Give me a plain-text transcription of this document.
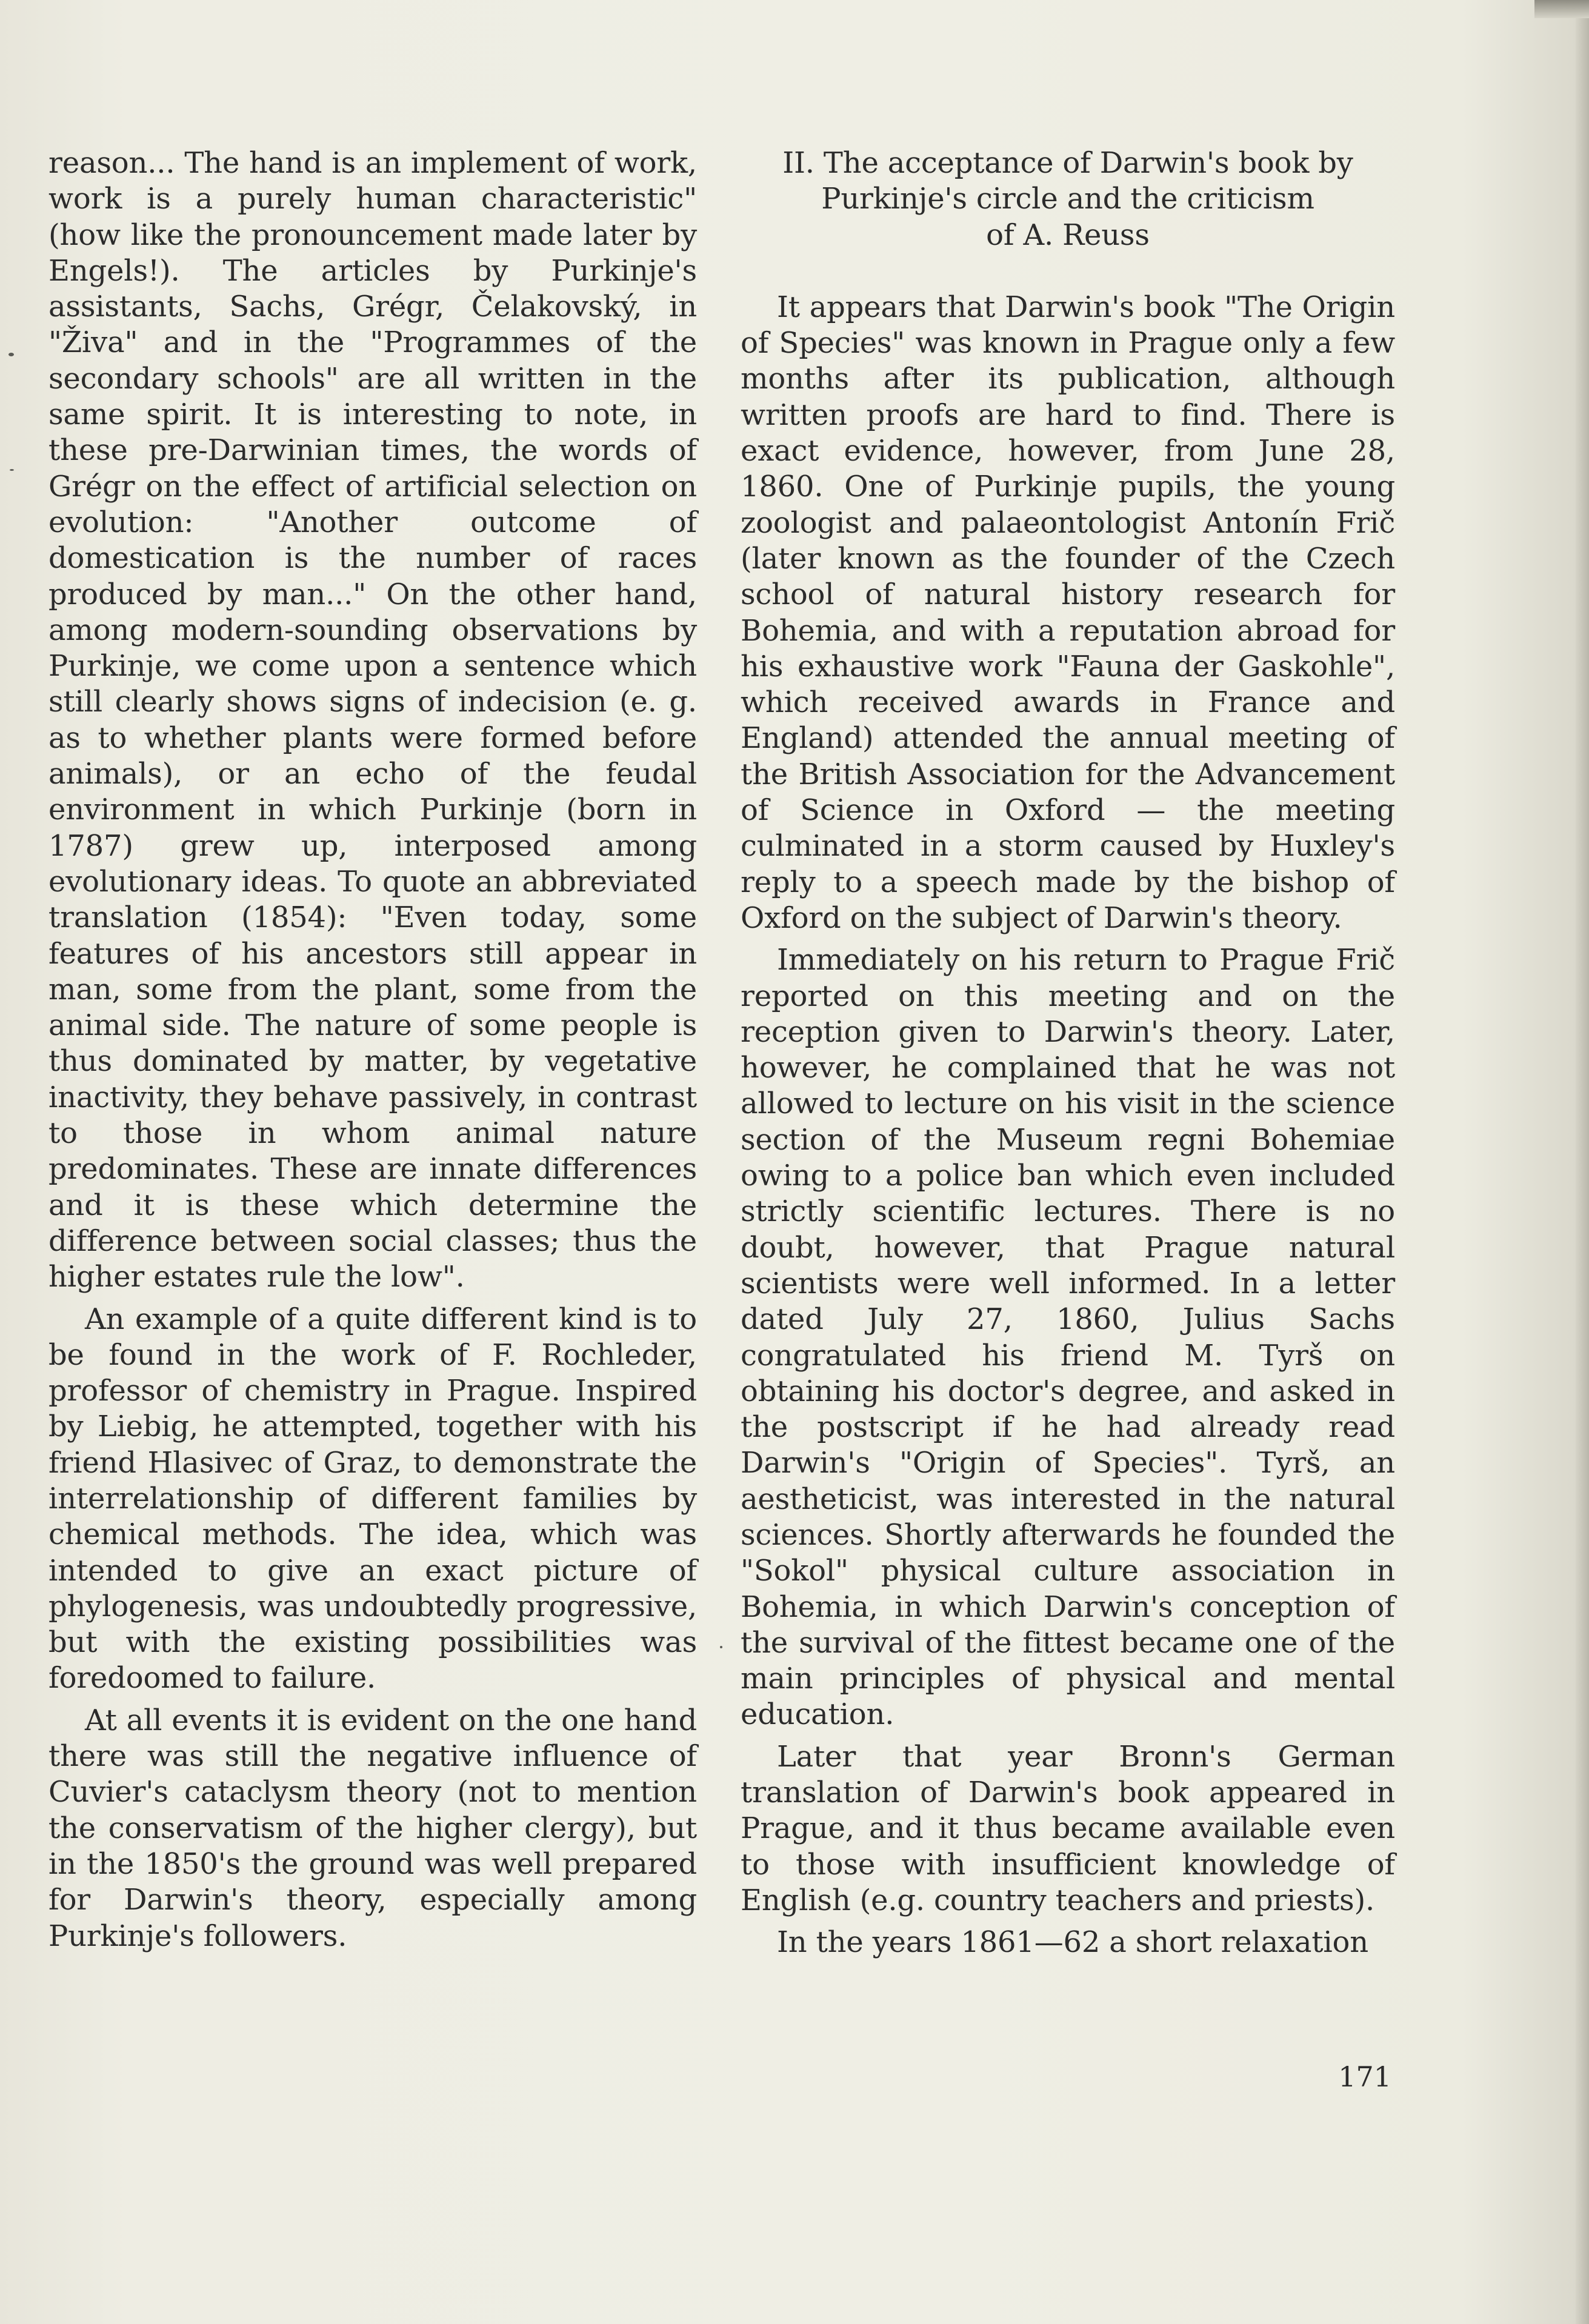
reason... The hand is an implement of work, work is a purely human characteristic" (how like the pronouncement made later by Engels!). The articles by Purkinje's assistants, Sachs, Grégr, Čelakovský, in "Živa" and in the "Programmes of the secondary schools" are all written in the same spirit. It is interesting to note, in these pre-Darwinian times, the words of Grégr on the effect of artificial selection on evolution: "Another outcome of domestication is the number of races produced by man..." On the other hand, among modern-sounding observations by Purkinje, we come upon a sentence which still clearly shows signs of indecision (e. g. as to whether plants were formed before animals), or an echo of the feudal environment in which Purkinje (born in 1787) grew up, interposed among evolutionary ideas. To quote an abbreviated translation (1854): "Even today, some features of his ancestors still appear in man, some from the plant, some from the animal side. The nature of some people is thus dominated by matter, by vegetative inactivity, they behave passively, in contrast to those in whom animal nature predominates. These are innate differences and it is these which determine the difference between social classes; thus the higher estates rule the low".

An example of a quite different kind is to be found in the work of F. Rochleder, professor of chemistry in Prague. Inspired by Liebig, he attempted, together with his friend Hlasivec of Graz, to demonstrate the interrelationship of different families by chemical methods. The idea, which was intended to give an exact picture of phylogenesis, was undoubtedly progressive, but with the existing possibilities was foredoomed to failure.

At all events it is evident on the one hand there was still the negative influence of Cuvier's cataclysm theory (not to mention the conservatism of the higher clergy), but in the 1850's the ground was well prepared for Darwin's theory, especially among Purkinje's followers.

II. The acceptance of Darwin's book by
Purkinje's circle and the criticism
of A. Reuss

It appears that Darwin's book "The Origin of Species" was known in Prague only a few months after its publication, although written proofs are hard to find. There is exact evidence, however, from June 28, 1860. One of Purkinje pupils, the young zoologist and palaeontologist Antonín Frič (later known as the founder of the Czech school of natural history research for Bohemia, and with a reputation abroad for his exhaustive work "Fauna der Gaskohle", which received awards in France and England) attended the annual meeting of the British Association for the Advancement of Science in Oxford — the meeting culminated in a storm caused by Huxley's reply to a speech made by the bishop of Oxford on the subject of Darwin's theory.

Immediately on his return to Prague Frič reported on this meeting and on the reception given to Darwin's theory. Later, however, he complained that he was not allowed to lecture on his visit in the science section of the Museum regni Bohemiae owing to a police ban which even included strictly scientific lectures. There is no doubt, however, that Prague natural scientists were well informed. In a letter dated July 27, 1860, Julius Sachs congratulated his friend M. Tyrš on obtaining his doctor's degree, and asked in the postscript if he had already read Darwin's "Origin of Species". Tyrš, an aestheticist, was interested in the natural sciences. Shortly afterwards he founded the "Sokol" physical culture association in Bohemia, in which Darwin's conception of the survival of the fittest became one of the main principles of physical and mental education.

Later that year Bronn's German translation of Darwin's book appeared in Prague, and it thus became available even to those with insufficient knowledge of English (e.g. country teachers and priests).

In the years 1861—62 a short relaxation

171
